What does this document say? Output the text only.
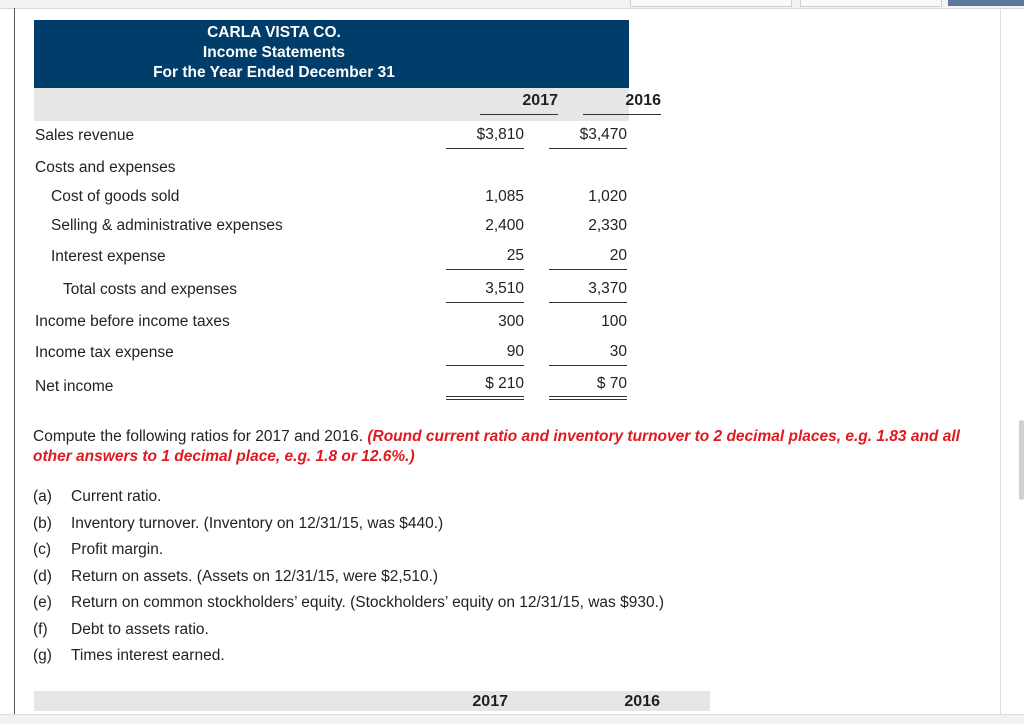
CARLA VISTA CO.
Income Statements
For the Year Ended December 31
2017	2016
Sales revenue	$3,810	$3,470
Costs and expenses
Cost of goods sold	1,085	1,020
Selling & administrative expenses	2,400	2,330
Interest expense	25	20
Total costs and expenses	3,510	3,370
Income before income taxes	300	100
Income tax expense	90	30
Net income	$ 210	$ 70
Compute the following ratios for 2017 and 2016. (Round current ratio and inventory turnover to 2 decimal places, e.g. 1.83 and all other answers to 1 decimal place, e.g. 1.8 or 12.6%.)
(a) Current ratio.
(b) Inventory turnover. (Inventory on 12/31/15, was $440.)
(c) Profit margin.
(d) Return on assets. (Assets on 12/31/15, were $2,510.)
(e) Return on common stockholders’ equity. (Stockholders’ equity on 12/31/15, was $930.)
(f) Debt to assets ratio.
(g) Times interest earned.
2017	2016
